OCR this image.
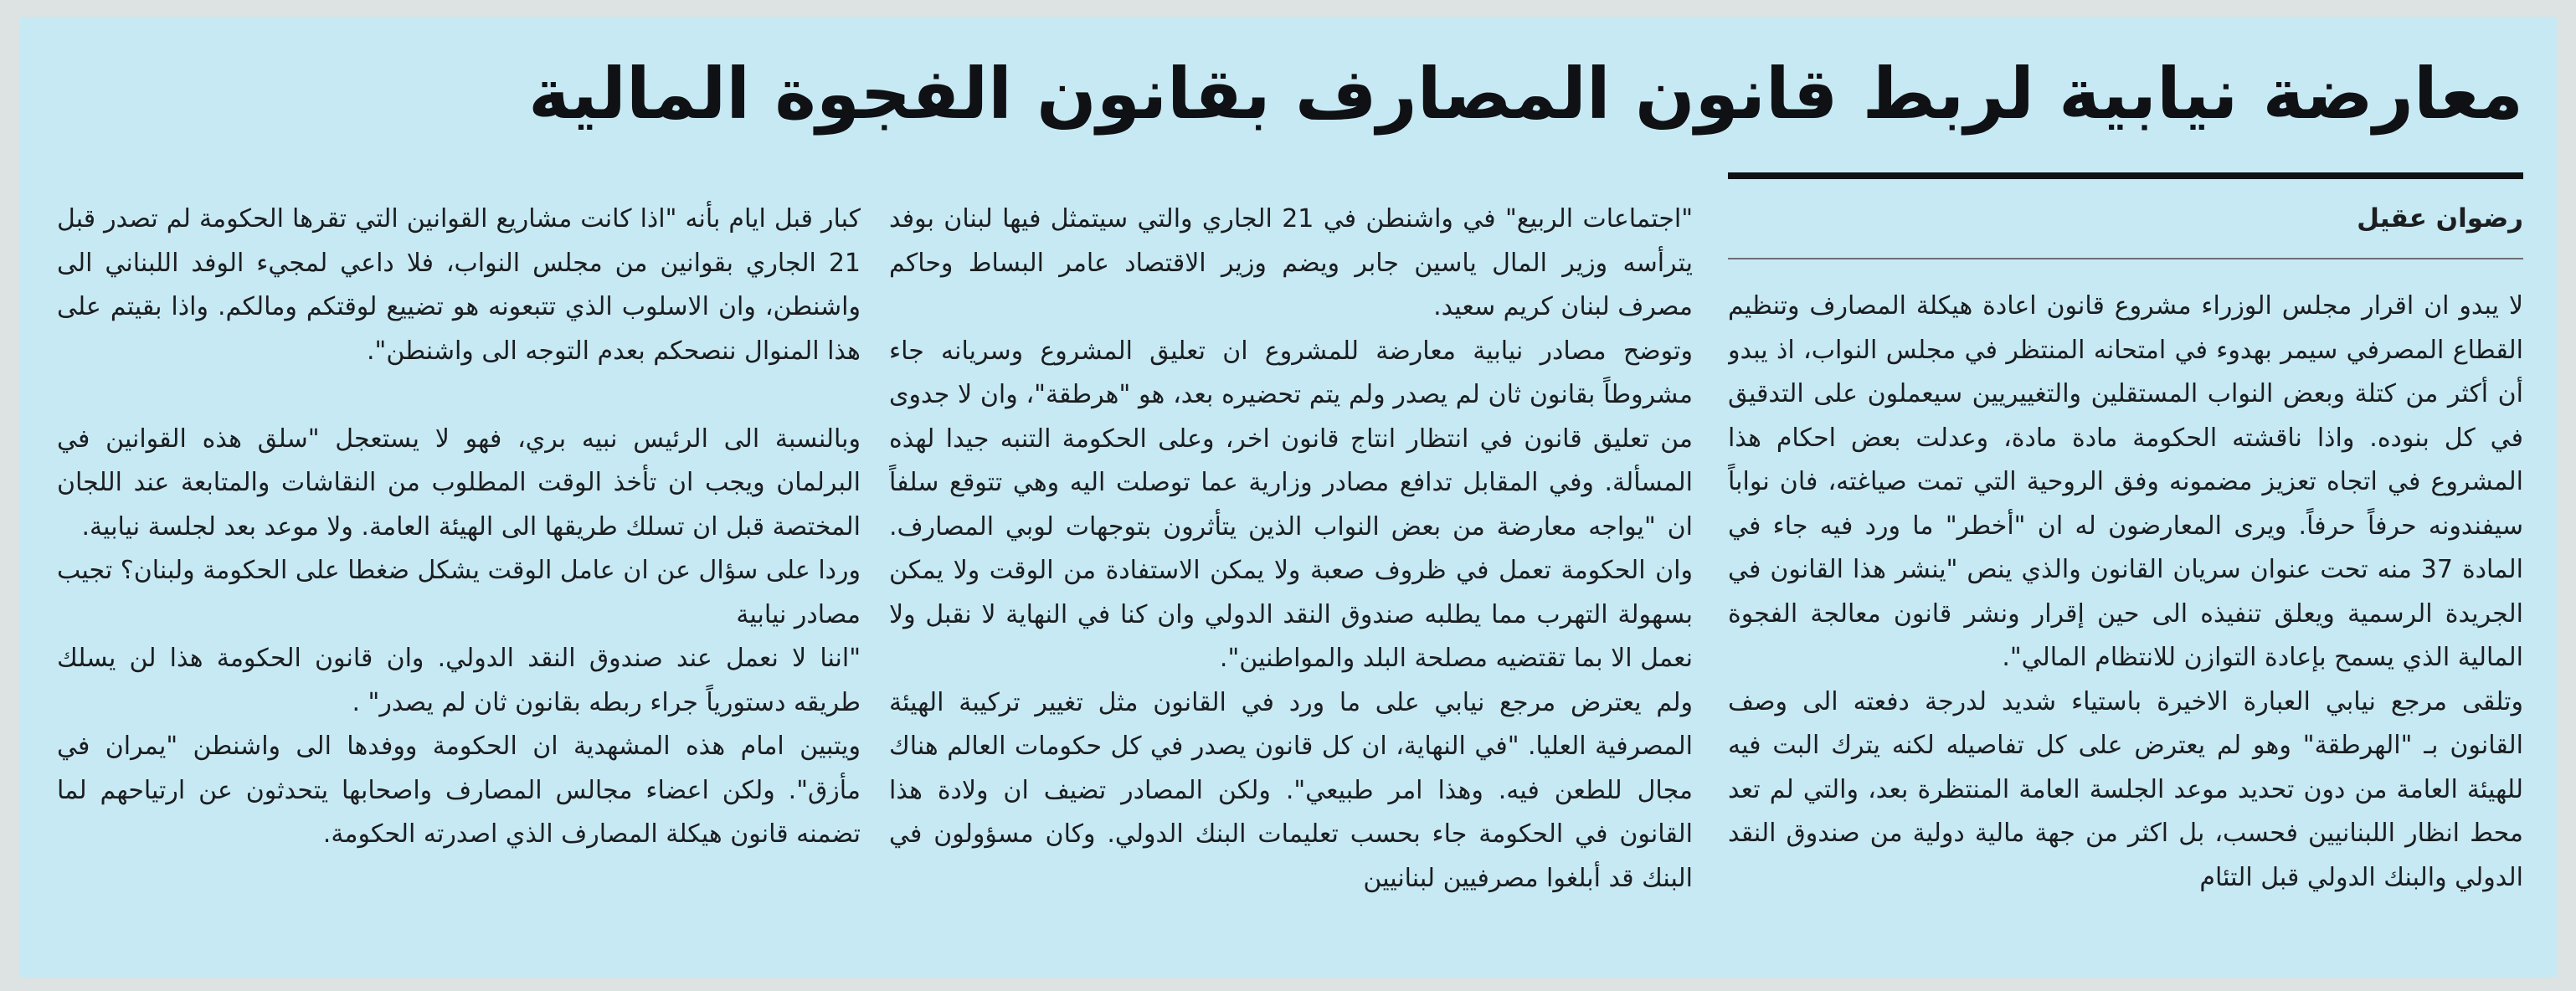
معارضة نيابية لربط قانون المصارف بقانون الفجوة المالية
رضوان عقيل

لا يبدو ان اقرار مجلس الوزراء مشروع قانون اعادة هيكلة المصارف وتنظيم القطاع المصرفي سيمر بهدوء في امتحانه المنتظر في مجلس النواب، اذ يبدو أن أكثر من كتلة وبعض النواب المستقلين والتغييريين سيعملون على التدقيق في كل بنوده. واذا ناقشته الحكومة مادة مادة، وعدلت بعض احكام هذا المشروع في اتجاه تعزيز مضمونه وفق الروحية التي تمت صياغته، فان نواباً سيفندونه حرفاً حرفاً. ويرى المعارضون له ان "أخطر" ما ورد فيه جاء في المادة 37 منه تحت عنوان سريان القانون والذي ينص "ينشر هذا القانون في الجريدة الرسمية ويعلق تنفيذه الى حين إقرار ونشر قانون معالجة الفجوة المالية الذي يسمح بإعادة التوازن للانتظام المالي".

وتلقى مرجع نيابي العبارة الاخيرة باستياء شديد لدرجة دفعته الى وصف القانون بـ "الهرطقة" وهو لم يعترض على كل تفاصيله لكنه يترك البت فيه للهيئة العامة من دون تحديد موعد الجلسة العامة المنتظرة بعد، والتي لم تعد محط انظار اللبنانيين فحسب، بل اكثر من جهة مالية دولية من صندوق النقد الدولي والبنك الدولي قبل التئام

"اجتماعات الربيع" في واشنطن في 21 الجاري والتي سيتمثل فيها لبنان بوفد يترأسه وزير المال ياسين جابر ويضم وزير الاقتصاد عامر البساط وحاكم مصرف لبنان كريم سعيد.

وتوضح مصادر نيابية معارضة للمشروع ان تعليق المشروع وسريانه جاء مشروطاً بقانون ثان لم يصدر ولم يتم تحضيره بعد، هو "هرطقة"، وان لا جدوى من تعليق قانون في انتظار انتاج قانون اخر، وعلى الحكومة التنبه جيدا لهذه المسألة. وفي المقابل تدافع مصادر وزارية عما توصلت اليه وهي تتوقع سلفاً ان "يواجه معارضة من بعض النواب الذين يتأثرون بتوجهات لوبي المصارف. وان الحكومة تعمل في ظروف صعبة ولا يمكن الاستفادة من الوقت ولا يمكن بسهولة التهرب مما يطلبه صندوق النقد الدولي وان كنا في النهاية لا نقبل ولا نعمل الا بما تقتضيه مصلحة البلد والمواطنين".

ولم يعترض مرجع نيابي على ما ورد في القانون مثل تغيير تركيبة الهيئة المصرفية العليا. "في النهاية، ان كل قانون يصدر في كل حكومات العالم هناك مجال للطعن فيه. وهذا امر طبيعي". ولكن المصادر تضيف ان ولادة هذا القانون في الحكومة جاء بحسب تعليمات البنك الدولي. وكان مسؤولون في البنك قد أبلغوا مصرفيين لبنانيين

كبار قبل ايام بأنه "اذا كانت مشاريع القوانين التي تقرها الحكومة لم تصدر قبل 21 الجاري بقوانين من مجلس النواب، فلا داعي لمجيء الوفد اللبناني الى واشنطن، وان الاسلوب الذي تتبعونه هو تضييع لوقتكم ومالكم. واذا بقيتم على هذا المنوال ننصحكم بعدم التوجه الى واشنطن".

وبالنسبة الى الرئيس نبيه بري، فهو لا يستعجل "سلق هذه القوانين في البرلمان ويجب ان تأخذ الوقت المطلوب من النقاشات والمتابعة عند اللجان المختصة قبل ان تسلك طريقها الى الهيئة العامة. ولا موعد بعد لجلسة نيابية.

وردا على سؤال عن ان عامل الوقت يشكل ضغطا على الحكومة ولبنان؟ تجيب مصادر نيابية

"اننا لا نعمل عند صندوق النقد الدولي. وان قانون الحكومة هذا لن يسلك طريقه دستورياً جراء ربطه بقانون ثان لم يصدر" .

ويتبين امام هذه المشهدية ان الحكومة ووفدها الى واشنطن "يمران في مأزق". ولكن اعضاء مجالس المصارف واصحابها يتحدثون عن ارتياحهم لما تضمنه قانون هيكلة المصارف الذي اصدرته الحكومة.
